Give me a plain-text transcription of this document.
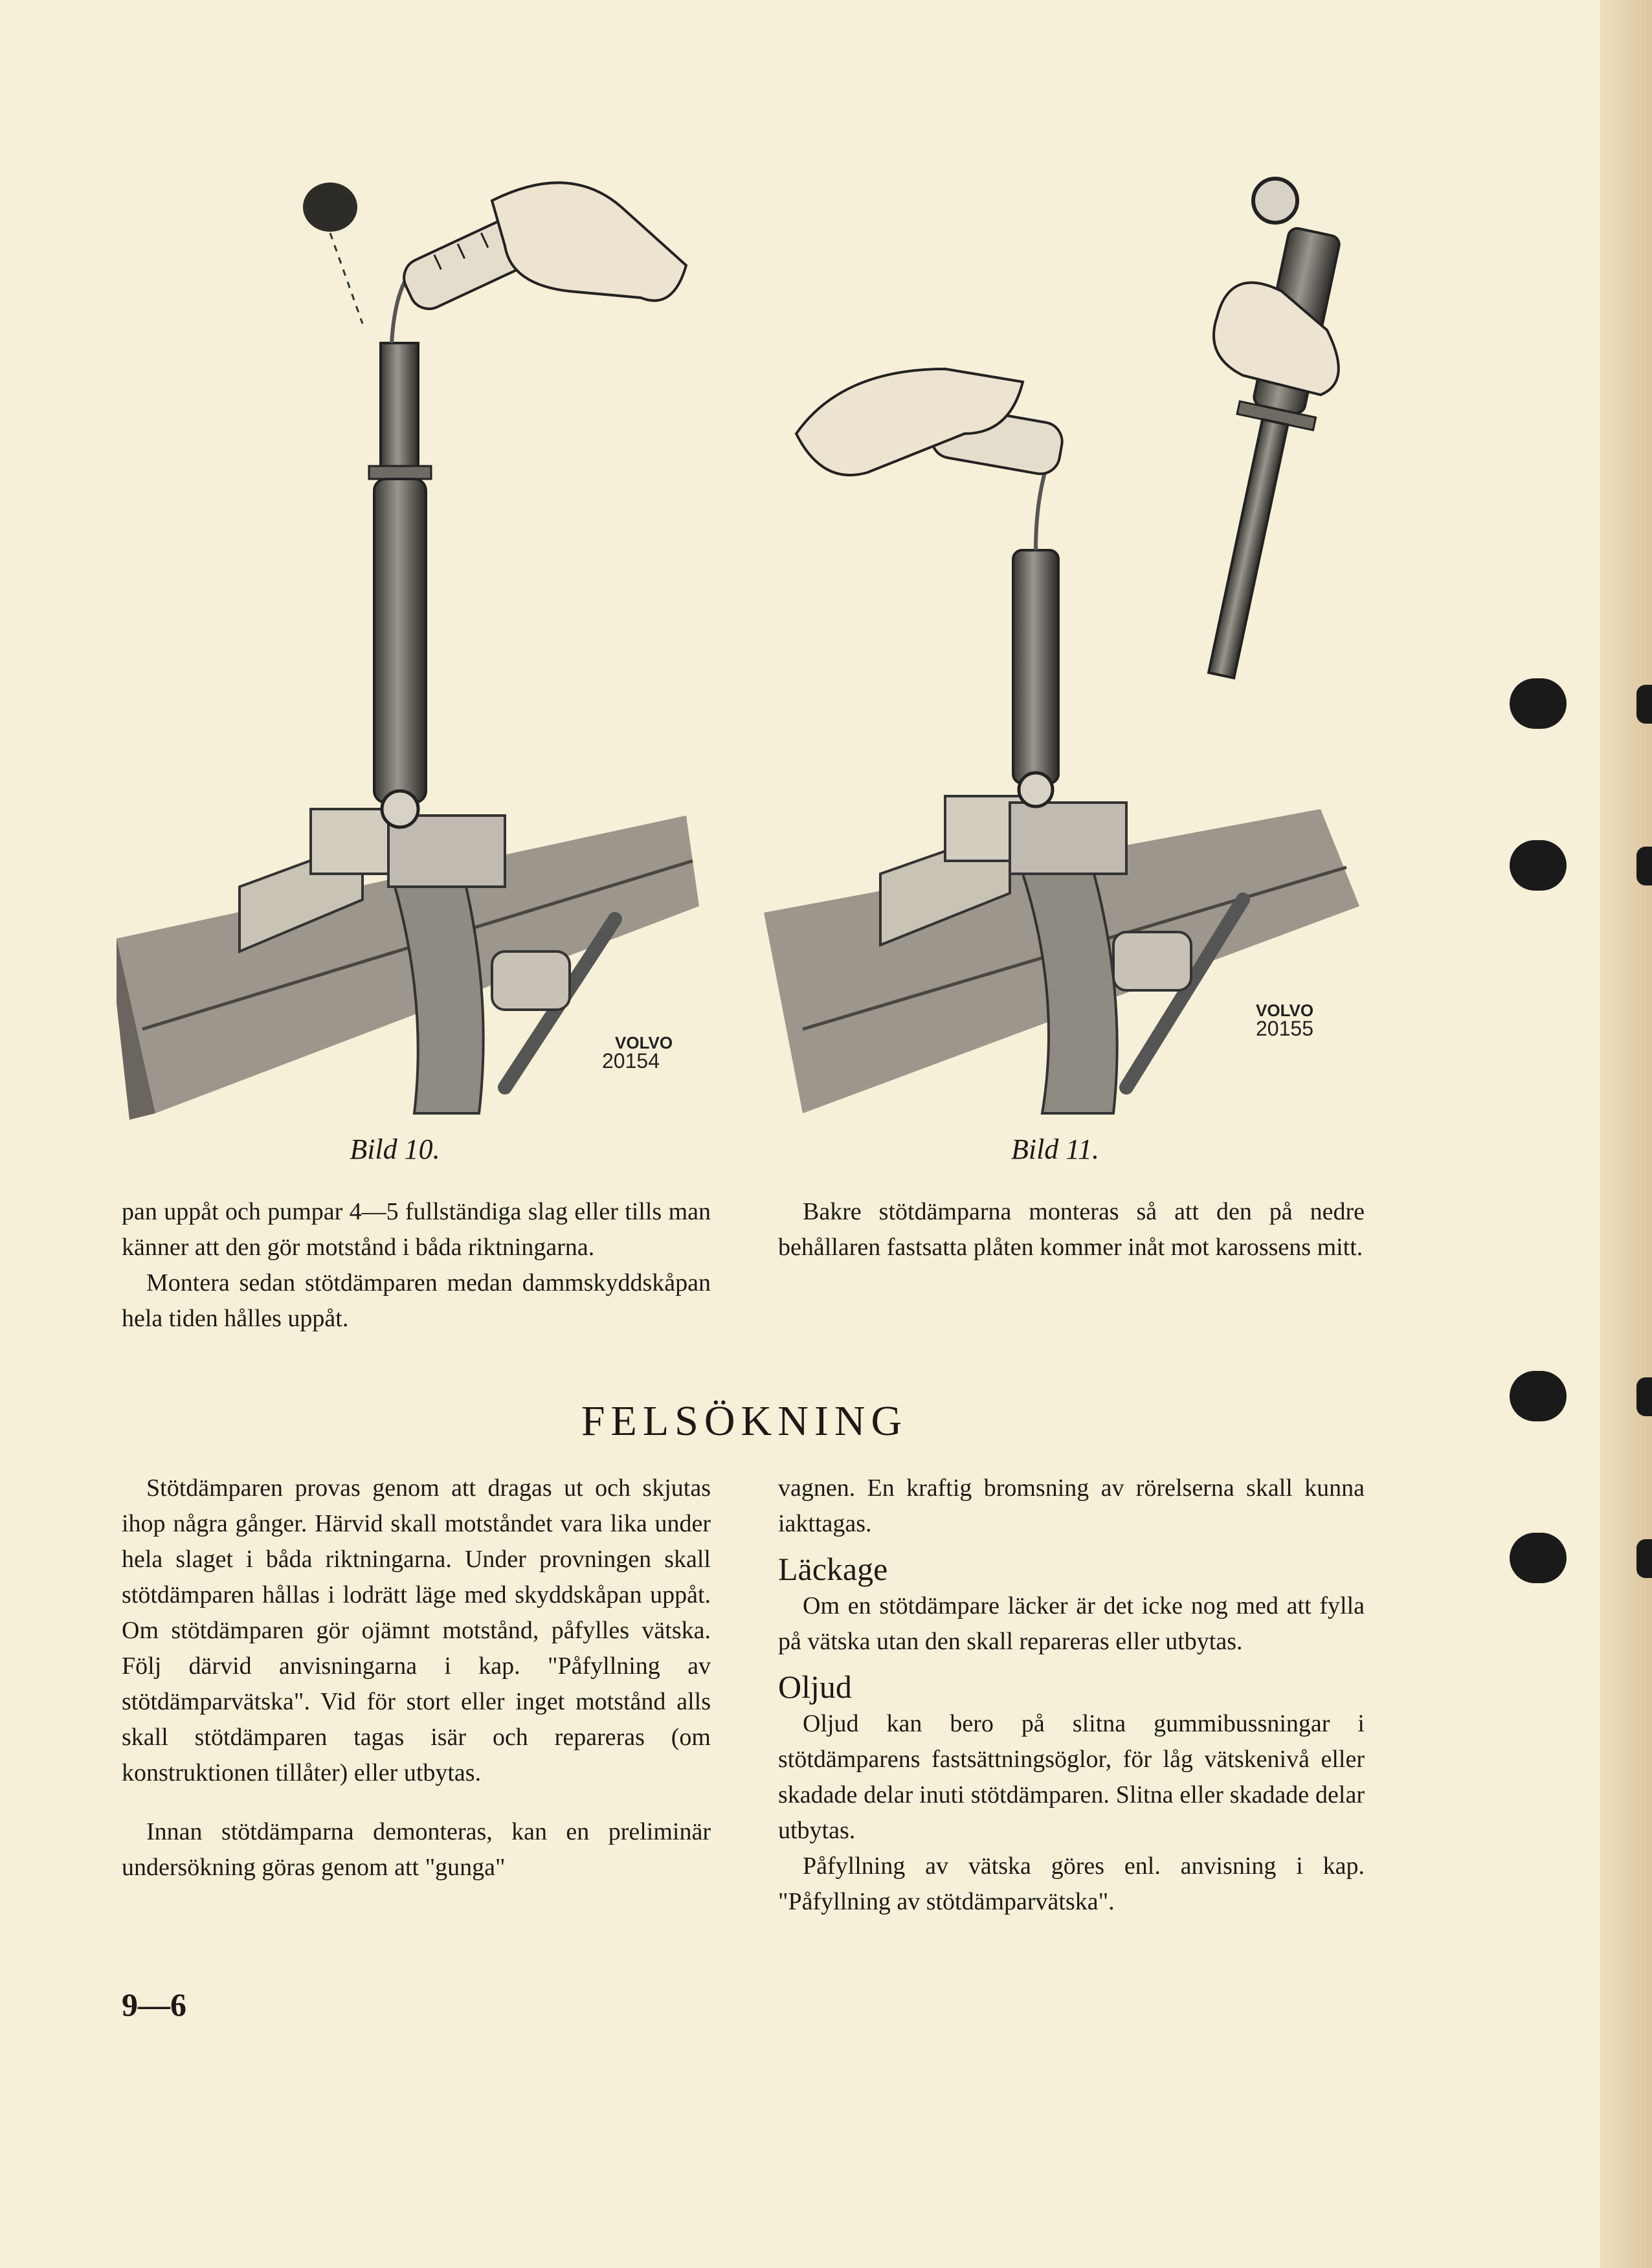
VOLVO
20154
Bild 10.
VOLVO
20155
Bild 11.

pan uppåt och pumpar 4—5 fullständiga slag eller tills man känner att den gör motstånd i båda riktningarna.

Montera sedan stötdämparen medan dammskyddskåpan hela tiden hålles uppåt.

Bakre stötdämparna monteras så att den på nedre behållaren fastsatta plåten kommer inåt mot karossens mitt.

FELSÖKNING

Stötdämparen provas genom att dragas ut och skjutas ihop några gånger. Härvid skall motståndet vara lika under hela slaget i båda riktningarna. Under provningen skall stötdämparen hållas i lodrätt läge med skyddskåpan uppåt. Om stötdämparen gör ojämnt motstånd, påfylles vätska. Följ därvid anvisningarna i kap. "Påfyllning av stötdämparvätska". Vid för stort eller inget motstånd alls skall stötdämparen tagas isär och repareras (om konstruktionen tillåter) eller utbytas.

Innan stötdämparna demonteras, kan en preliminär undersökning göras genom att "gunga"

vagnen. En kraftig bromsning av rörelserna skall kunna iakttagas.

Läckage

Om en stötdämpare läcker är det icke nog med att fylla på vätska utan den skall repareras eller utbytas.

Oljud

Oljud kan bero på slitna gummibussningar i stötdämparens fastsättningsöglor, för låg vätskenivå eller skadade delar inuti stötdämparen. Slitna eller skadade delar utbytas.

Påfyllning av vätska göres enl. anvisning i kap. "Påfyllning av stötdämparvätska".

9—6
